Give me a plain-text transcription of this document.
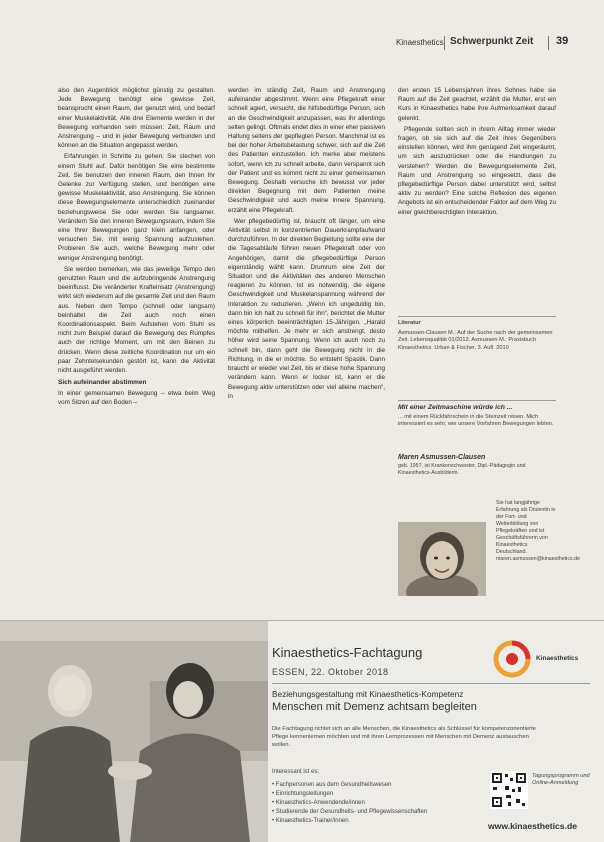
Kinaesthetics Schwerpunkt Zeit 39

also den Augenblick möglichst günstig zu gestalten. Jede Bewegung benötigt eine gewisse Zeit, beansprucht einen Raum, der genutzt wird, und bedarf einer Muskelaktivität. Alle drei Elemente werden in der Bewegung vorhanden sein müssen: Zeit, Raum und Anstrengung – und in jeder Bewegung verbunden und können an die Situation angepasst werden.

Erfahrungen in Schritte zu gehen: Sie stechen von einem Stuhl auf. Dafür benötigen Sie eine bestimmte Zeit. Sie benutzen den inneren Raum, den Ihnen Ihr Gelenke zur Verfügung stellen, und benötigen eine gewisse Muskelaktivität, also Anstrengung. Sie können diese Bewegungselemente unterschiedlich zueinander beziehungsweise Sie oder werden Sie langsamer. Verändern Sie den inneren Bewegungsraum, indem Sie eine Ihrer Bewegungen ganz klein anfangen, oder versuchen Sie, mit wenig Spannung aufzustehen. Probieren Sie auch, welche Bewegung mehr oder weniger Anstrengung benötigt.

Sie werden bemerken, wie das jeweilige Tempo den genutzten Raum und die aufzubringende Anstrengung beeinflusst. Die veränderter Krafteinsatz (Anstrengung) wirkt sich wiederum auf die gesamte Zeit und den Raum aus. Neben dem Tempo (schnell oder langsam) beinhaltet die Zeit auch noch einen Koordinationsaspekt. Beim Aufstehen vom Stuhl es nicht zum Beispiel darauf die Bewegung des Rumpfes auch der richtige Moment, um mit den Beinen zu drücken. Wenn diese zeitliche Koordination nur um ein paar Zehntelsekunden gestört ist, kann die Aktivität nicht ausgeführt werden.

Sich aufeinander abstimmen

In einer gemeinsamen Bewegung – etwa beim Weg vom Sitzen auf den Boden –

werden im ständig Zeit, Raum und Anstrengung aufeinander abgestimmt. Wenn eine Pflegekraft einer schnell agiert, versucht, die hilfsbedürftige Person, sich an die Geschwindigkeit anzupassen, was ihr allerdings selten gelingt. Oftmals endet dies in einer eher passiven Haltung seitens der gepflegten Person. Manchmal ist es bei der hoher Arbeitsbelastung schwer, sich auf die Zeit des Patienten einzustellen. Ich merke aber meistens sofort, wenn ich zu schnell arbeite, dann verspannt sich der Patient und es kommt nicht zu einer gemeinsamen Bewegung. Deshalb versuche ich bewusst vor jeder direkten Begegnung mit dem Patienten meine Geschwindigkeit und auch meine innere Spannung, erzählt eine Pflegekraft.

Wer pflegebedürftig ist, braucht oft länger, um eine Aktivität selbst in konzentrierten Dauerkrampfaufwand durchzuführen. In der direkten Begleitung sollte eine der die Tagesabläufe führen neuen Pflegekraft oder von Angehörigen, damit die pflegebedürftige Person eigenständig wählt kann. Drumrum eine Zeit der Situation und die Aktivitäten des anderen Menschen reagieren zu können. Ist es notwendig, die eigene Geschwindigkeit und Muskelanspannung während der Interaktion zu reduzieren. „Wenn ich ungeduldig bin, dann bin ich halt zu schnell für ihn“, berichtet die Mutter eines körperlich beeinträchtigten 15-Jährigen. „Harald möchte mithelfen. Je mehr er sich anstrengt, desto höher wird seine Spannung. Wenn ich auch noch zu schnell bin, dann geht die Bewegung nicht in die Richtung, in die er möchte. So entsteht Spastik. Dann braucht er wieder viel Zeit, bis er diese hohe Spannung verändern kann. Wenn er locker ist, kann er die Bewegung aktiv unterstützen oder viel alleine machen“, in

den ersten 15 Lebensjahren ihres Sohnes habe sie Raum auf die Zeit geachtet, erzählt die Mutter, erst ein Kurs in Kinaesthetics habe ihre Aufmerksamkeit darauf gelenkt.

Pflegende sollten sich in ihrem Alltag immer wieder fragen, ob sie sich auf die Zeit ihres Gegenübers einstellen können, wird ihm genügend Zeit eingeräumt, um sich auszudrücken oder die Handlungen zu verstehen? Werden die Bewegungselemente Zeit, Raum und Anstrengung so eingesetzt, dass die pflegebedürftige Person dabei unterstützt wird, selbst aktiv zu werden? Eine solche Reflexion des eigenen Angebots ist ein entscheidender Faktor auf dem Weg zu einer gleichberechtigten Interaktion.

Literatur
Asmussen-Clausen M.: Auf der Suche nach der gemeinsamen Zeit. Lebensqualität 01/2012. Asmussen M.: Praxisbuch Kinaesthetics. Urban & Fischer, 3. Aufl. 2010
Mit einer Zeitmaschine würde ich ...
... mit einem Rückfahrschein in die Steinzeit reisen. Mich interessiert es sehr, wie unsere Vorfahren Bewegungen lebten.
Maren Asmussen-Clausen
geb. 1957, ist Krankenschwester, Dipl.-Pädagogin und Kinaesthetics-Ausbilderin.
Sie hat langjährige Erfahrung als Dozentin in der Fort- und Weiterbildung von Pflegekräften und ist Geschäftsführerin von Kinaesthetics Deutschland. maren.asmussen@kinaesthetics.de
Kinaesthetics
Kinaesthetics-Fachtagung
ESSEN, 22. Oktober 2018
Beziehungsgestaltung mit Kinaesthetics-Kompetenz
Menschen mit Demenz achtsam begleiten
Die Fachtagung richtet sich an alle Menschen, die Kinaesthetics als Schlüssel für kompetenzorientierte Pflege kennenlernen möchten und mit ihren Lernprozessen mit Menschen mit Demenz austauschen wollen.
Interessant ist es:
• Fachpersonen aus dem Gesundheitswesen
• Einrichtungsleitungen
• Kinaesthetics-Anwendende/innen
• Studierende der Gesundheits- und Pflegewissenschaften
• Kinaesthetics-Trainer/innen
Tagungsprogramm und Online-Anmeldung
www.kinaesthetics.de
